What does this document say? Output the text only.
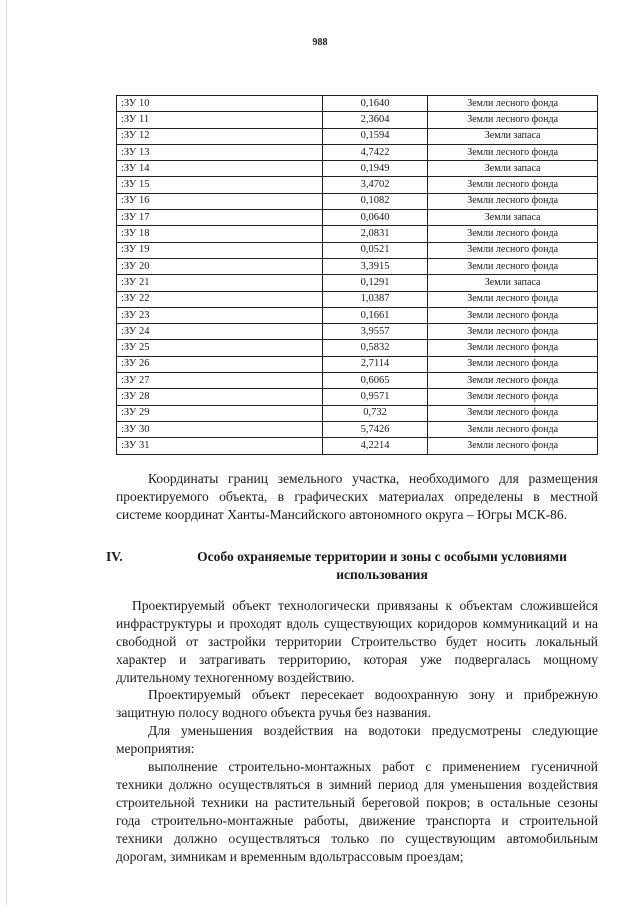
988
:ЗУ 10	0,1640	Земли лесного фонда
:ЗУ 11	2,3604	Земли лесного фонда
:ЗУ 12	0,1594	Земли запаса
:ЗУ 13	4,7422	Земли лесного фонда
:ЗУ 14	0,1949	Земли запаса
:ЗУ 15	3,4702	Земли лесного фонда
:ЗУ 16	0,1082	Земли лесного фонда
:ЗУ 17	0,0640	Земли запаса
:ЗУ 18	2,0831	Земли лесного фонда
:ЗУ 19	0,0521	Земли лесного фонда
:ЗУ 20	3,3915	Земли лесного фонда
:ЗУ 21	0,1291	Земли запаса
:ЗУ 22	1,0387	Земли лесного фонда
:ЗУ 23	0,1661	Земли лесного фонда
:ЗУ 24	3,9557	Земли лесного фонда
:ЗУ 25	0,5832	Земли лесного фонда
:ЗУ 26	2,7114	Земли лесного фонда
:ЗУ 27	0,6065	Земли лесного фонда
:ЗУ 28	0,9571	Земли лесного фонда
:ЗУ 29	0,732	Земли лесного фонда
:ЗУ 30	5,7426	Земли лесного фонда
:ЗУ 31	4,2214	Земли лесного фонда

Координаты границ земельного участка, необходимого для размещения проектируемого объекта, в графических материалах определены в местной системе координат Ханты-Мансийского автономного округа – Югры МСК-86.

IV.	Особо охраняемые территории и зоны с особыми условиями использования

Проектируемый объект технологически привязаны к объектам сложившейся инфраструктуры и проходят вдоль существующих коридоров коммуникаций и на свободной от застройки территории Строительство будет носить локальный характер и затрагивать территорию, которая уже подвергалась мощному длительному техногенному воздействию.

Проектируемый объект пересекает водоохранную зону и прибрежную защитную полосу водного объекта ручья без названия.

Для уменьшения воздействия на водотоки предусмотрены следующие мероприятия:

выполнение строительно-монтажных работ с применением гусеничной техники должно осуществляться в зимний период для уменьшения воздействия строительной техники на растительный береговой покров; в остальные сезоны года строительно-монтажные работы, движение транспорта и строительной техники должно осуществляться только по существующим автомобильным дорогам, зимникам и временным вдольтрассовым проездам;
